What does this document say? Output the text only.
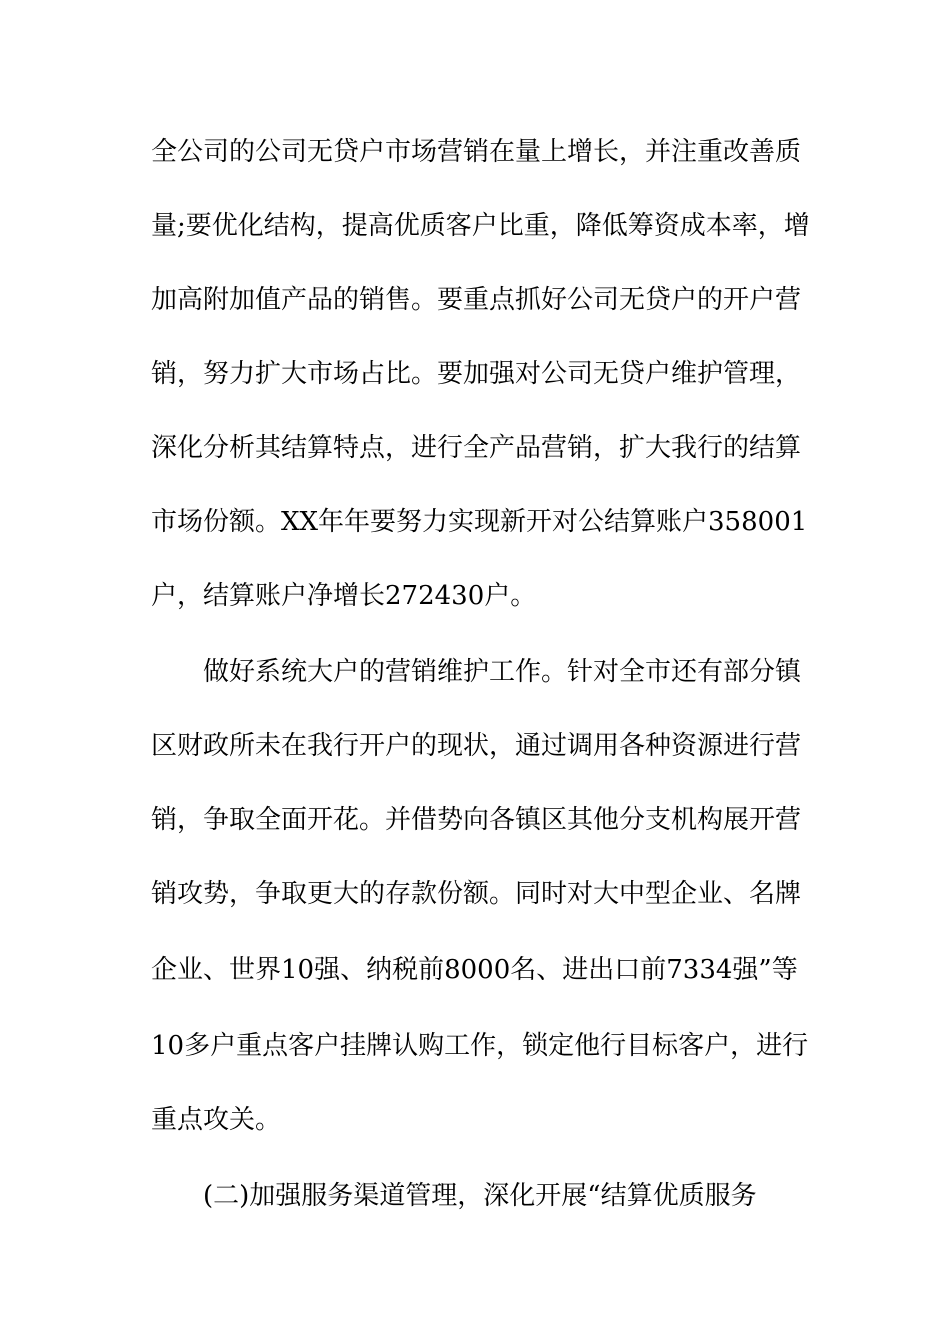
全公司的公司无贷户市场营销在量上增长，并注重改善质
量;要优化结构，提高优质客户比重，降低筹资成本率，增
加高附加值产品的销售。要重点抓好公司无贷户的开户营
销，努力扩大市场占比。要加强对公司无贷户维护管理，
深化分析其结算特点，进行全产品营销，扩大我行的结算
市场份额。XX年年要努力实现新开对公结算账户358001
户，结算账户净增长272430户。
做好系统大户的营销维护工作。针对全市还有部分镇
区财政所未在我行开户的现状，通过调用各种资源进行营
销，争取全面开花。并借势向各镇区其他分支机构展开营
销攻势，争取更大的存款份额。同时对大中型企业、名牌
企业、世界10强、纳税前8000名、进出口前7334强”等
10多户重点客户挂牌认购工作，锁定他行目标客户，进行
重点攻关。
(二)加强服务渠道管理，深化开展“结算优质服务
